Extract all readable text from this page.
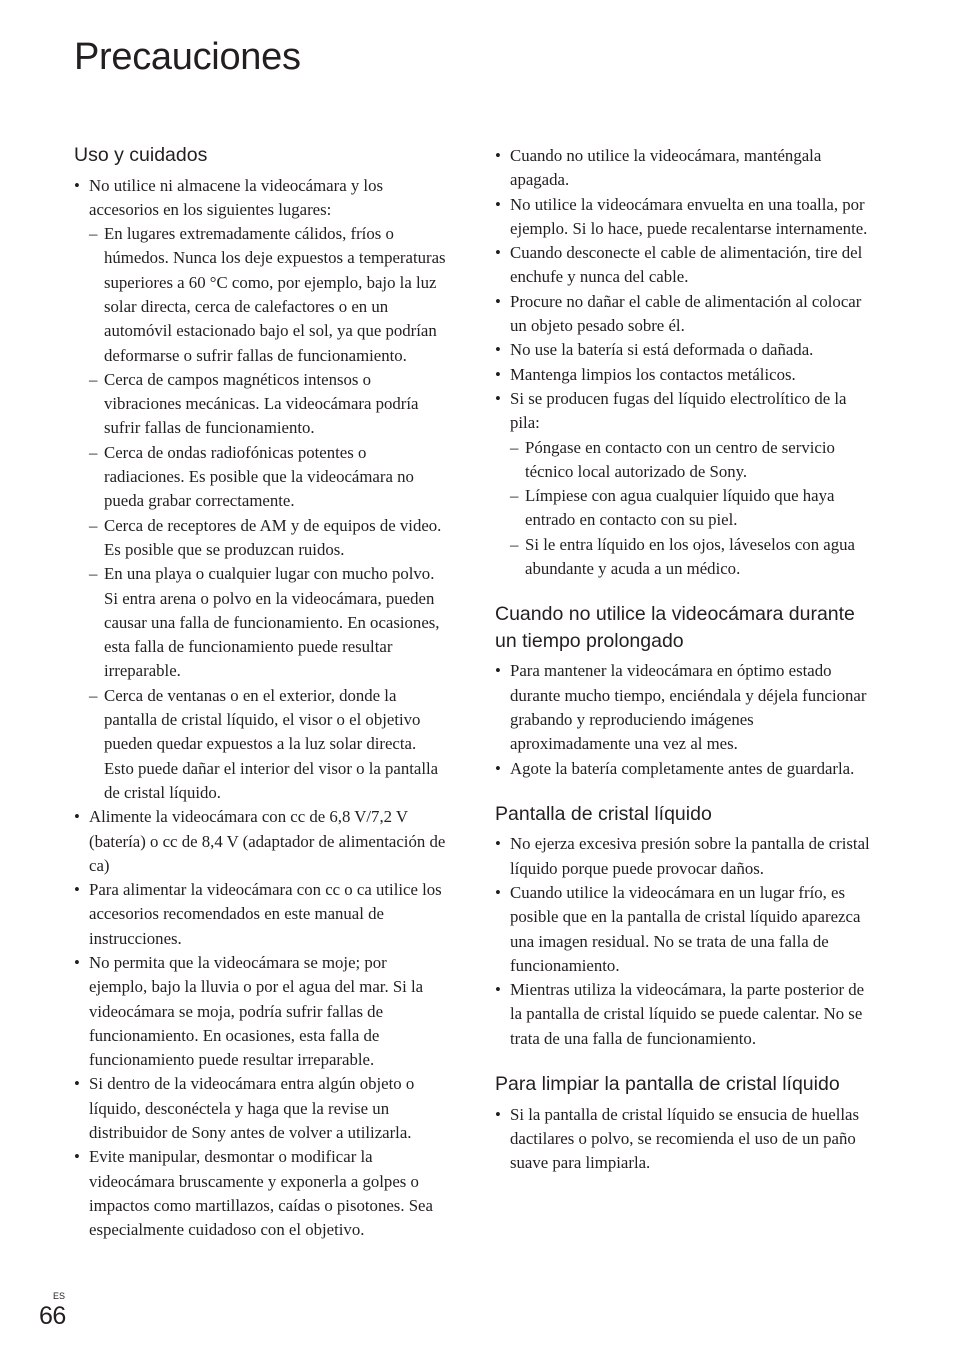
Precauciones
Uso y cuidados
• No utilice ni almacene la videocámara y los accesorios en los siguientes lugares:
– En lugares extremadamente cálidos, fríos o húmedos. Nunca los deje expuestos a temperaturas superiores a 60 °C como, por ejemplo, bajo la luz solar directa, cerca de calefactores o en un automóvil estacionado bajo el sol, ya que podrían deformarse o sufrir fallas de funcionamiento.
– Cerca de campos magnéticos intensos o vibraciones mecánicas. La videocámara podría sufrir fallas de funcionamiento.
– Cerca de ondas radiofónicas potentes o radiaciones. Es posible que la videocámara no pueda grabar correctamente.
– Cerca de receptores de AM y de equipos de video. Es posible que se produzcan ruidos.
– En una playa o cualquier lugar con mucho polvo. Si entra arena o polvo en la videocámara, pueden causar una falla de funcionamiento. En ocasiones, esta falla de funcionamiento puede resultar irreparable.
– Cerca de ventanas o en el exterior, donde la pantalla de cristal líquido, el visor o el objetivo pueden quedar expuestos a la luz solar directa. Esto puede dañar el interior del visor o la pantalla de cristal líquido.
• Alimente la videocámara con cc de 6,8 V/7,2 V (batería) o cc de 8,4 V (adaptador de alimentación de ca)
• Para alimentar la videocámara con cc o ca utilice los accesorios recomendados en este manual de instrucciones.
• No permita que la videocámara se moje; por ejemplo, bajo la lluvia o por el agua del mar. Si la videocámara se moja, podría sufrir fallas de funcionamiento. En ocasiones, esta falla de funcionamiento puede resultar irreparable.
• Si dentro de la videocámara entra algún objeto o líquido, desconéctela y haga que la revise un distribuidor de Sony antes de volver a utilizarla.
• Evite manipular, desmontar o modificar la videocámara bruscamente y exponerla a golpes o impactos como martillazos, caídas o pisotones. Sea especialmente cuidadoso con el objetivo.
• Cuando no utilice la videocámara, manténgala apagada.
• No utilice la videocámara envuelta en una toalla, por ejemplo. Si lo hace, puede recalentarse internamente.
• Cuando desconecte el cable de alimentación, tire del enchufe y nunca del cable.
• Procure no dañar el cable de alimentación al colocar un objeto pesado sobre él.
• No use la batería si está deformada o dañada.
• Mantenga limpios los contactos metálicos.
• Si se producen fugas del líquido electrolítico de la pila:
– Póngase en contacto con un centro de servicio técnico local autorizado de Sony.
– Límpiese con agua cualquier líquido que haya entrado en contacto con su piel.
– Si le entra líquido en los ojos, láveselos con agua abundante y acuda a un médico.
Cuando no utilice la videocámara durante un tiempo prolongado
• Para mantener la videocámara en óptimo estado durante mucho tiempo, enciéndala y déjela funcionar grabando y reproduciendo imágenes aproximadamente una vez al mes.
• Agote la batería completamente antes de guardarla.
Pantalla de cristal líquido
• No ejerza excesiva presión sobre la pantalla de cristal líquido porque puede provocar daños.
• Cuando utilice la videocámara en un lugar frío, es posible que en la pantalla de cristal líquido aparezca una imagen residual. No se trata de una falla de funcionamiento.
• Mientras utiliza la videocámara, la parte posterior de la pantalla de cristal líquido se puede calentar. No se trata de una falla de funcionamiento.
Para limpiar la pantalla de cristal líquido
• Si la pantalla de cristal líquido se ensucia de huellas dactilares o polvo, se recomienda el uso de un paño suave para limpiarla.
ES
66
